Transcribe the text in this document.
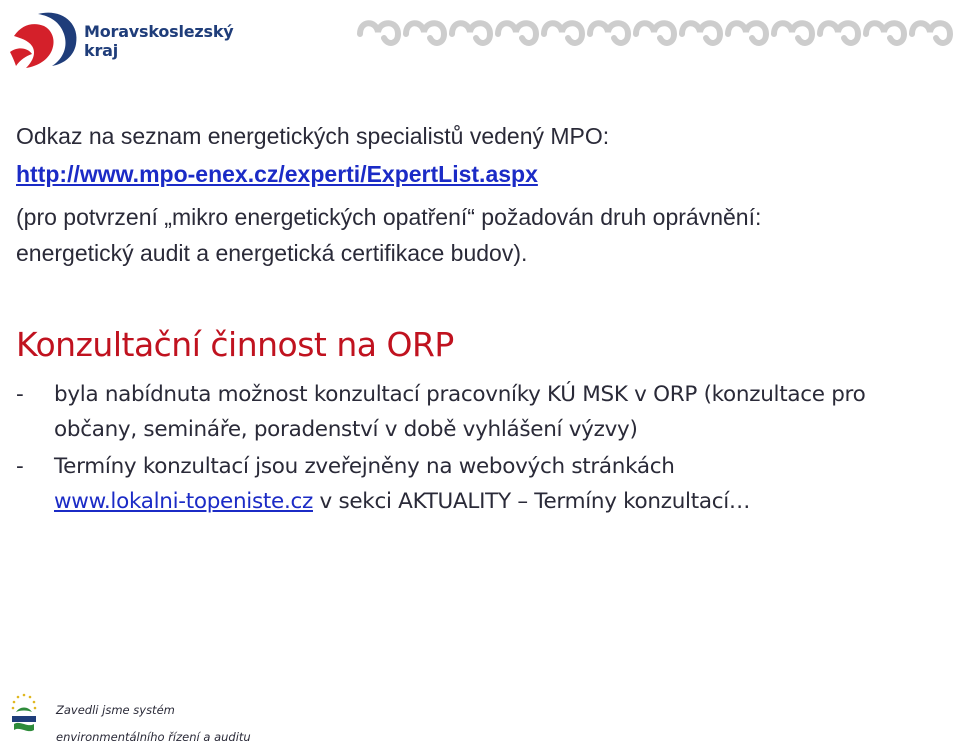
Moravskoslezský
kraj
Odkaz na seznam energetických specialistů vedený MPO:
http://www.mpo-enex.cz/experti/ExpertList.aspx
(pro potvrzení „mikro energetických opatření“ požadován druh oprávnění: energetický audit a energetická certifikace budov).
Konzultační činnost na ORP
-	byla nabídnuta možnost konzultací pracovníky KÚ MSK v ORP (konzultace pro občany, semináře, poradenství v době vyhlášení výzvy)
-	Termíny konzultací jsou zveřejněny na webových stránkách
www.lokalni-topeniste.cz v sekci AKTUALITY – Termíny konzultací…
Zavedli jsme systém
environmentálního řízení a auditu
